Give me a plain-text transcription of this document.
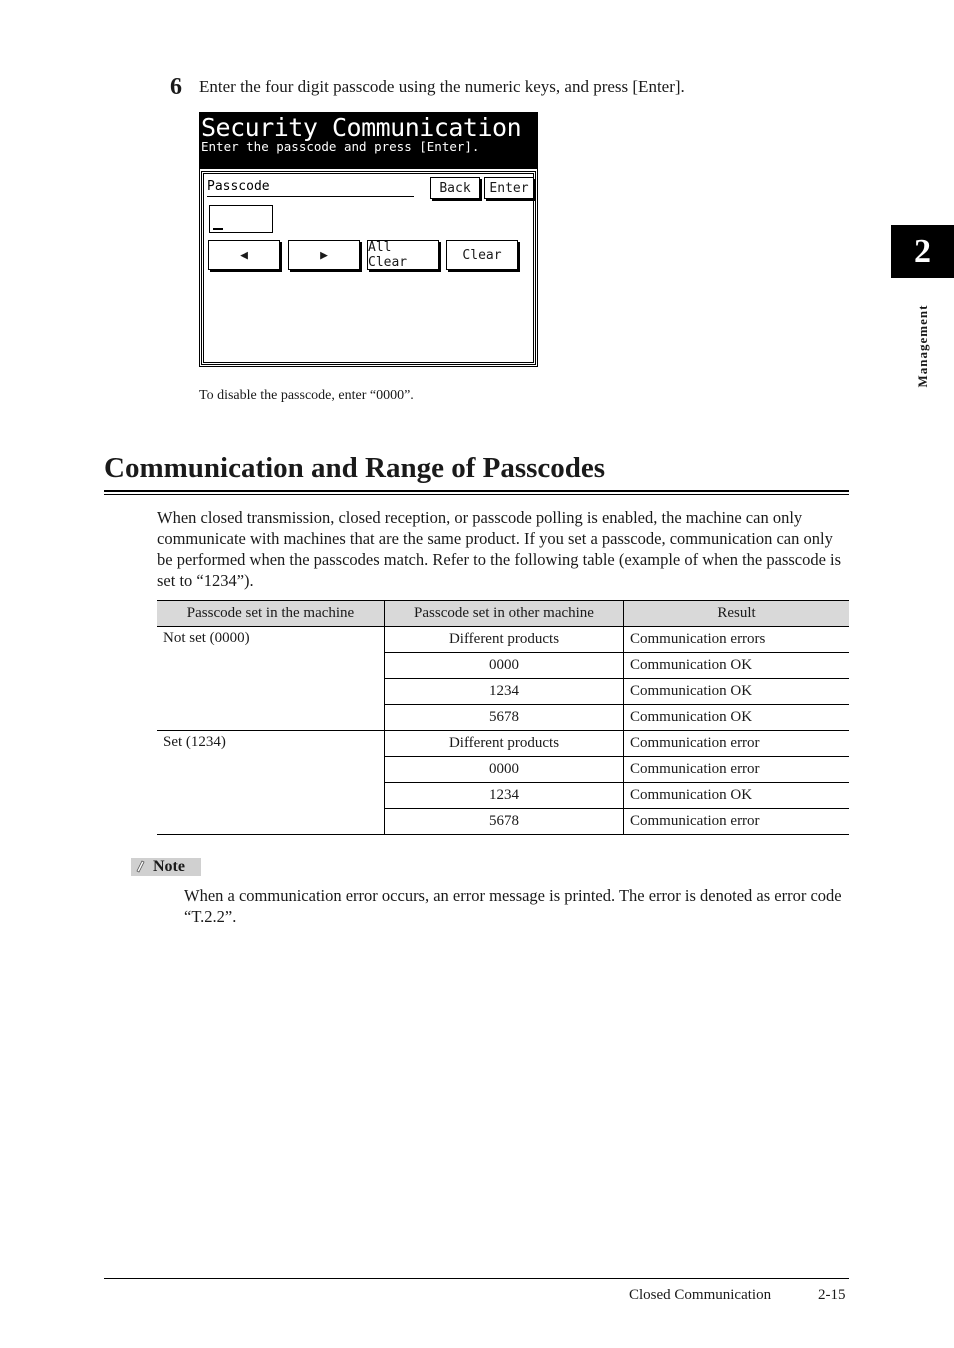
6 Enter the four digit passcode using the numeric keys, and press [Enter].
Security Communication
Enter the passcode and press [Enter].
Passcode	Back Enter
◀	▶	All Clear	Clear
To disable the passcode, enter “0000”.
Communication and Range of Passcodes
When closed transmission, closed reception, or passcode polling is enabled, the machine can only communicate with machines that are the same product. If you set a passcode, communication can only be performed when the passcodes match. Refer to the following table (example of when the passcode is set to “1234”).
Passcode set in the machine	Passcode set in other machine	Result
Not set (0000)	Different products	Communication errors
	0000	Communication OK
	1234	Communication OK
	5678	Communication OK
Set (1234)	Different products	Communication error
	0000	Communication error
	1234	Communication OK
	5678	Communication error
Note
When a communication error occurs, an error message is printed. The error is denoted as error code “T.2.2”.
2
Management
Closed Communication	2-15
